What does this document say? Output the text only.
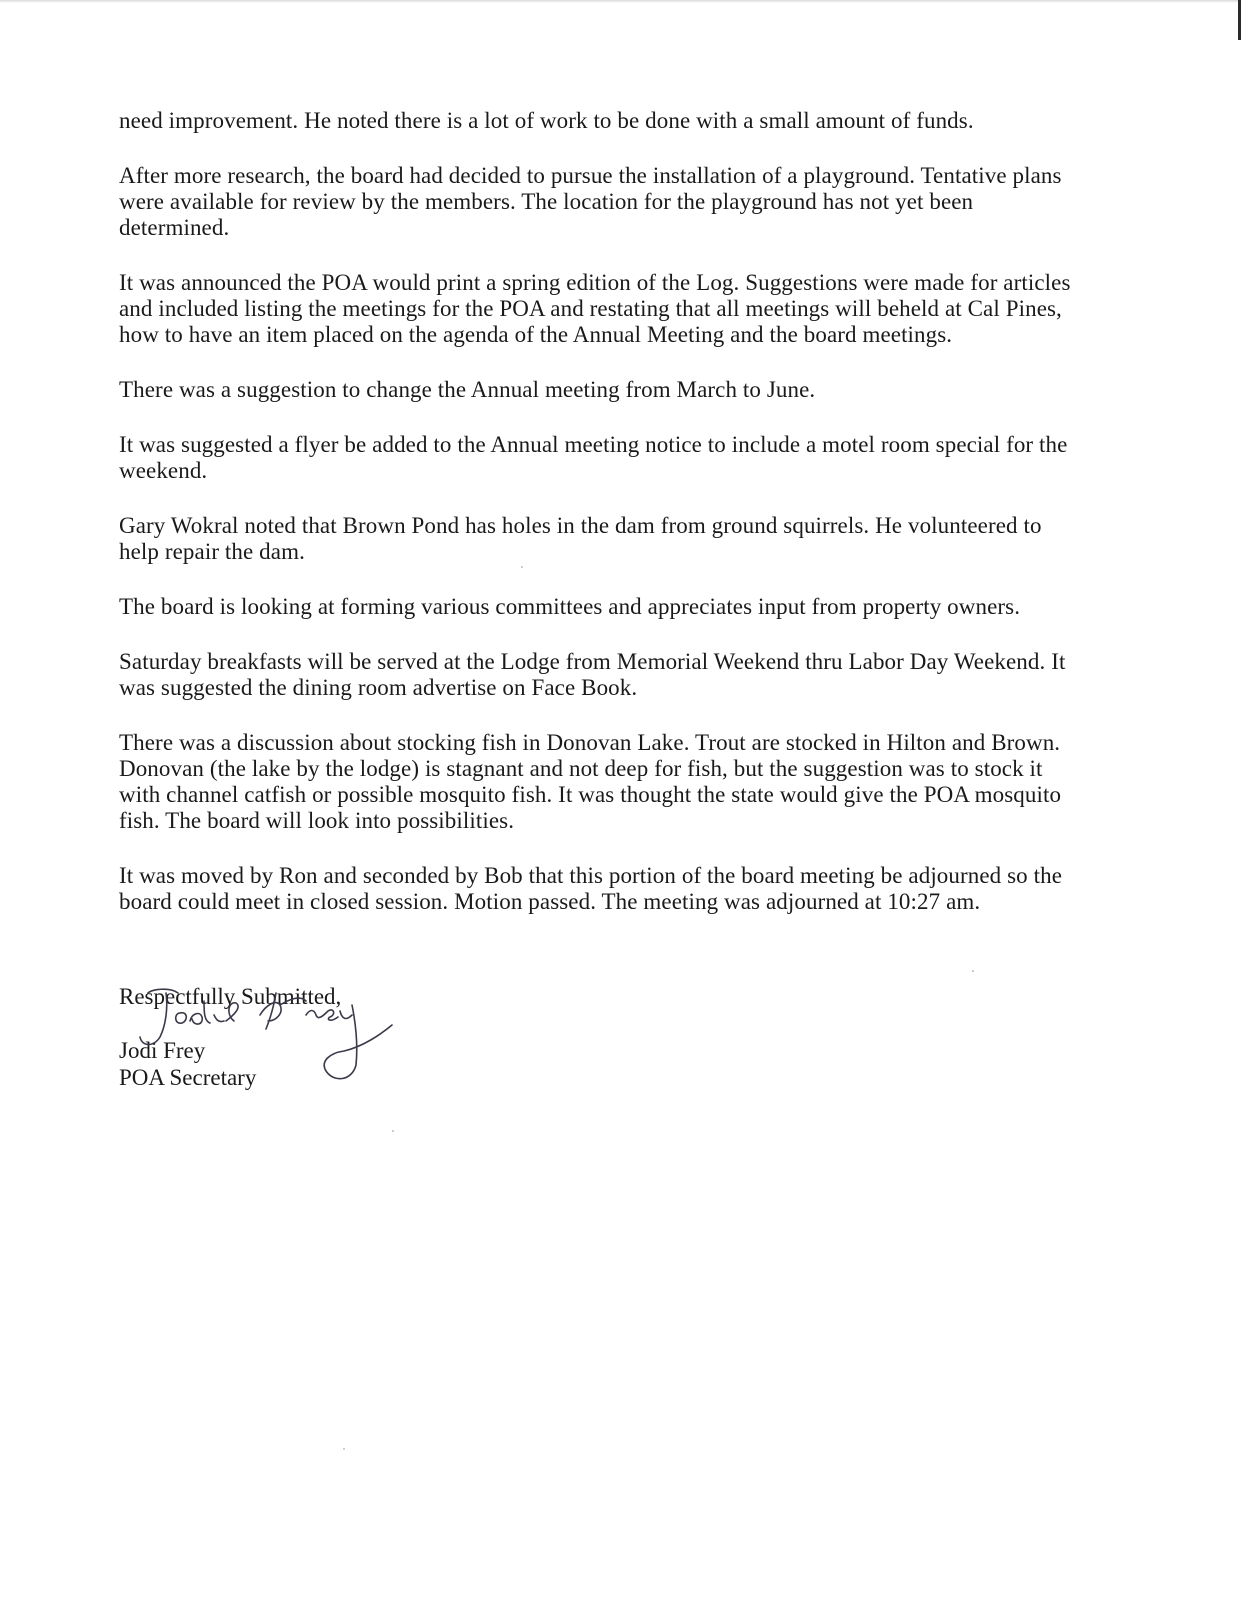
need improvement. He noted there is a lot of work to be done with a small amount of funds.

After more research, the board had decided to pursue the installation of a playground. Tentative plans
were available for review by the members. The location for the playground has not yet been
determined.

It was announced the POA would print a spring edition of the Log. Suggestions were made for articles
and included listing the meetings for the POA and restating that all meetings will beheld at Cal Pines,
how to have an item placed on the agenda of the Annual Meeting and the board meetings.

There was a suggestion to change the Annual meeting from March to June.

It was suggested a flyer be added to the Annual meeting notice to include a motel room special for the
weekend.

Gary Wokral noted that Brown Pond has holes in the dam from ground squirrels. He volunteered to
help repair the dam.

The board is looking at forming various committees and appreciates input from property owners.

Saturday breakfasts will be served at the Lodge from Memorial Weekend thru Labor Day Weekend. It
was suggested the dining room advertise on Face Book.

There was a discussion about stocking fish in Donovan Lake. Trout are stocked in Hilton and Brown.
Donovan (the lake by the lodge) is stagnant and not deep for fish, but the suggestion was to stock it
with channel catfish or possible mosquito fish. It was thought the state would give the POA mosquito
fish. The board will look into possibilities.

It was moved by Ron and seconded by Bob that this portion of the board meeting be adjourned so the
board could meet in closed session. Motion passed. The meeting was adjourned at 10:27 am.

Respectfully Submitted,
Jodi Frey
POA Secretary
